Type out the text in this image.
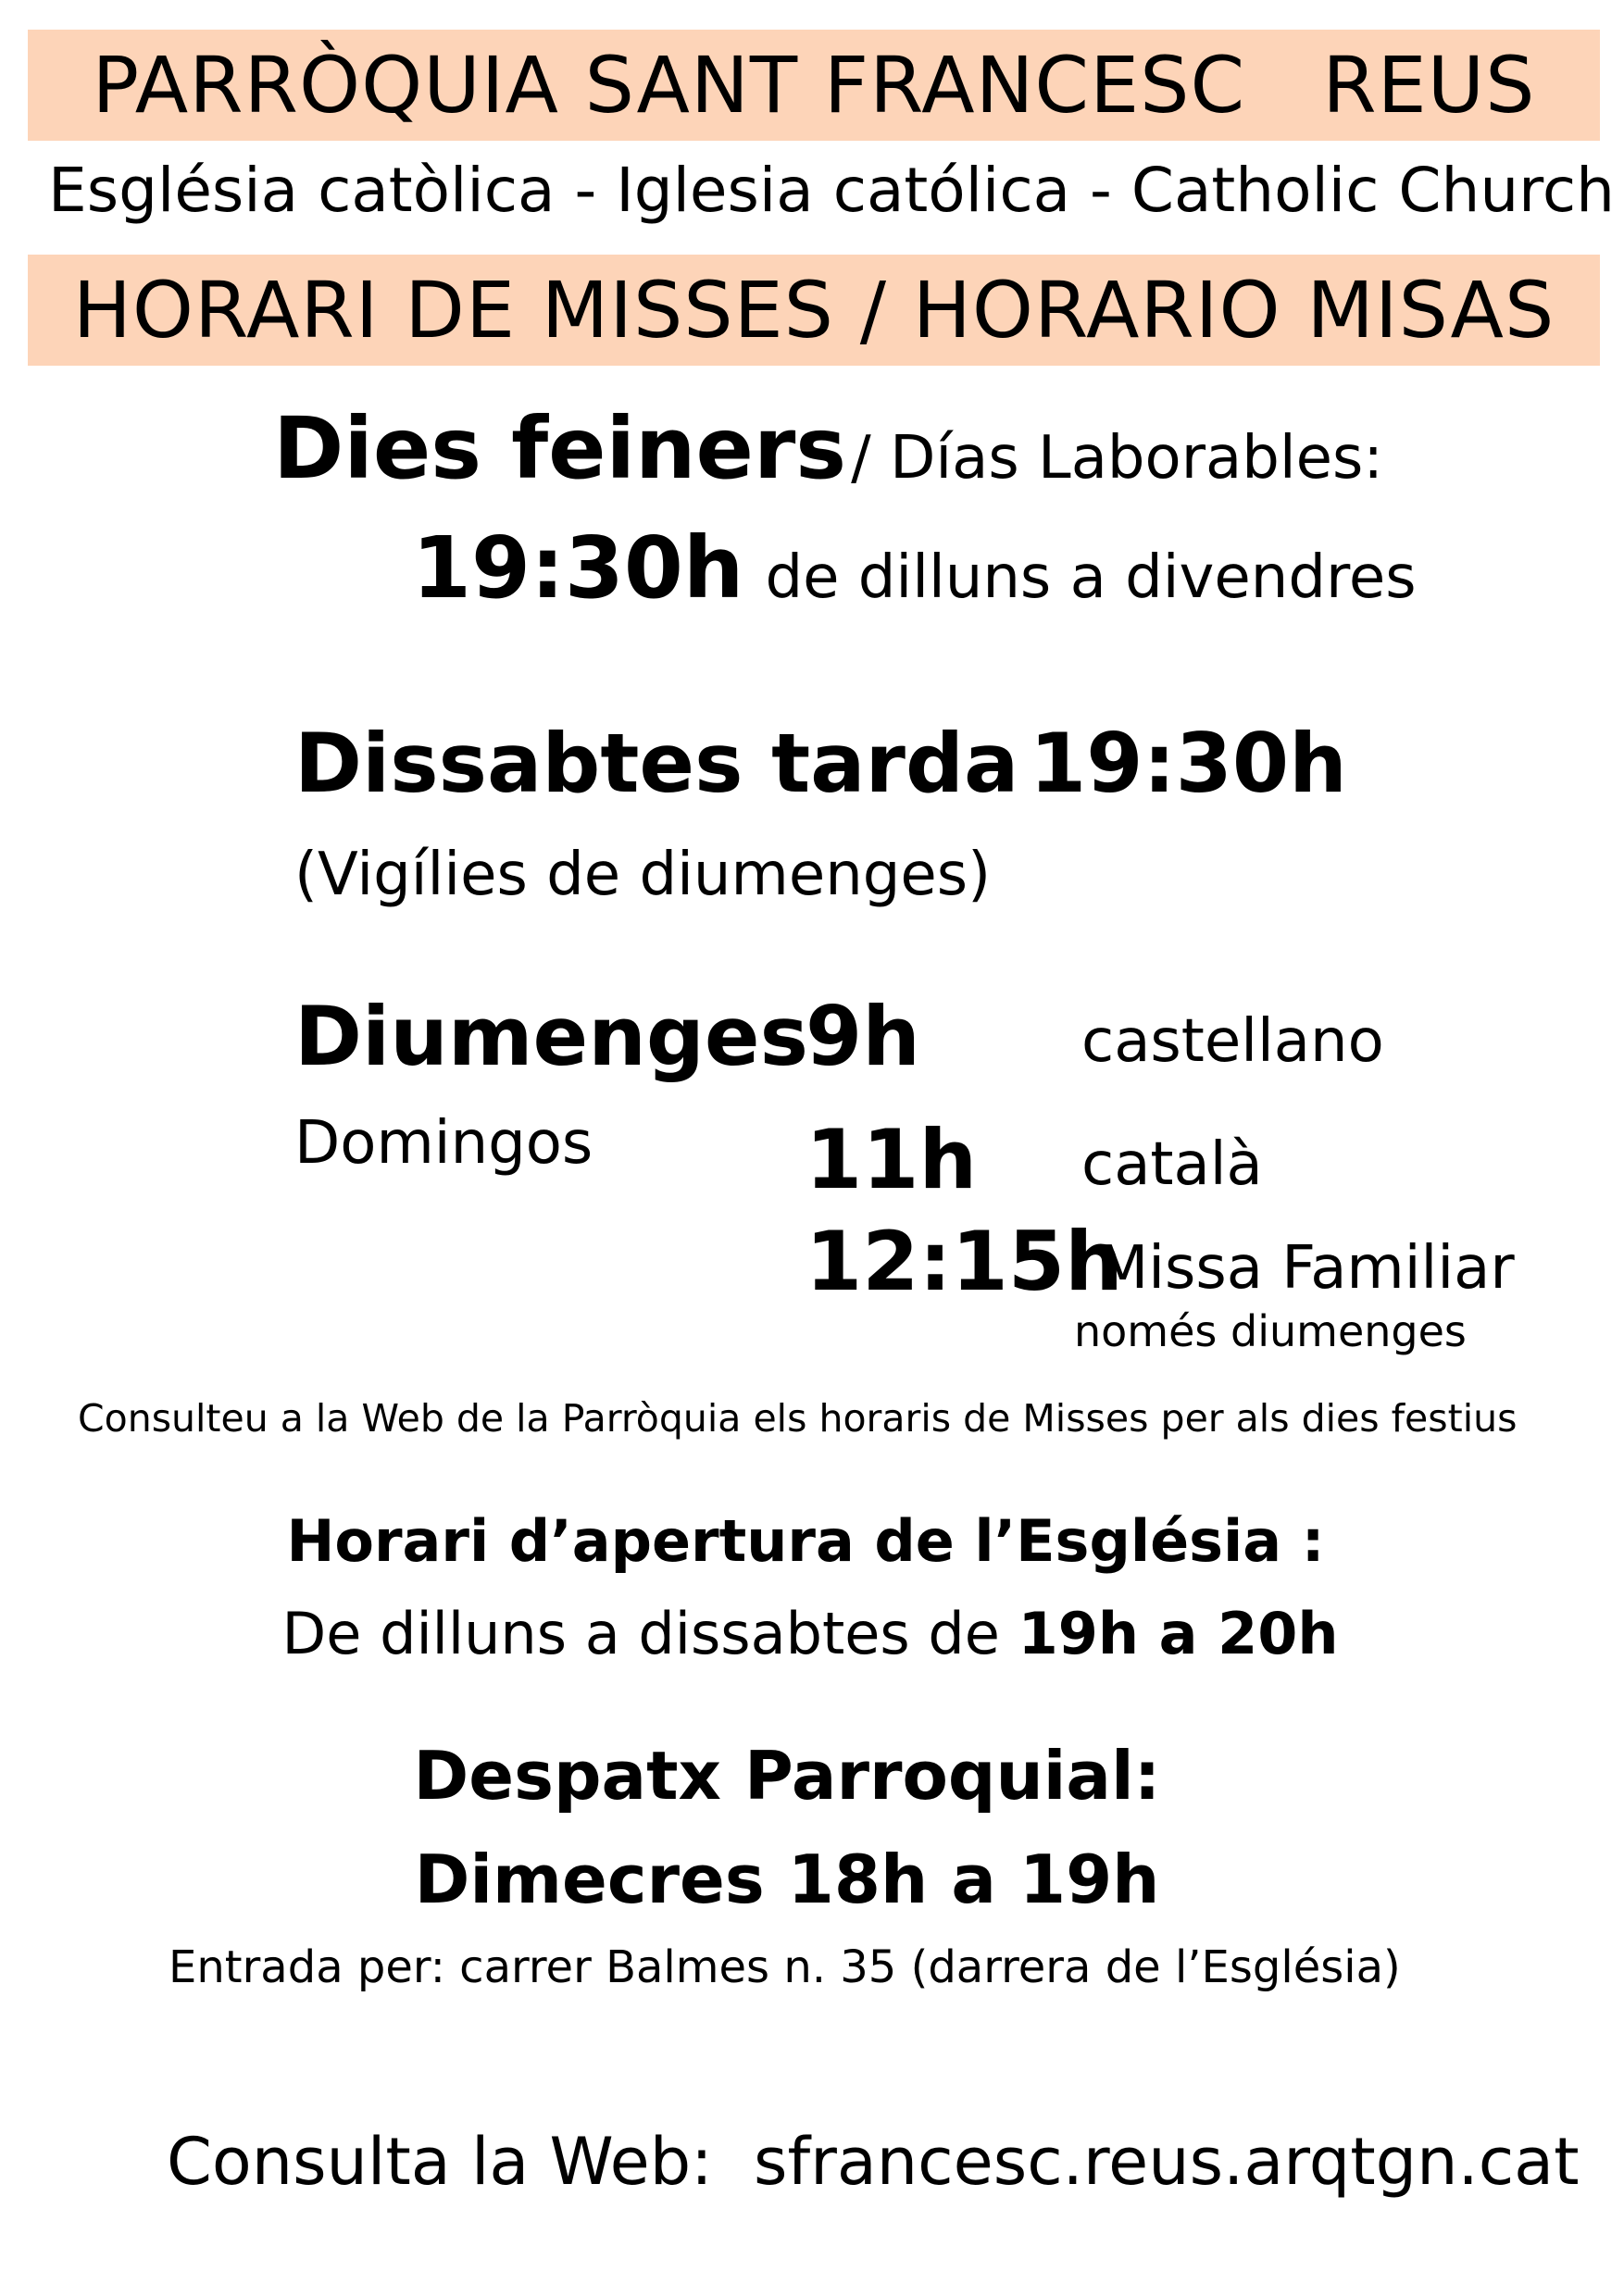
PARRÒQUIA SANT FRANCESC   REUS
Església catòlica - Iglesia católica - Catholic Church
HORARI DE MISSES / HORARIO MISAS
Dies feiners / Días Laborables:
19:30h de dilluns a divendres
Dissabtes tarda 19:30h
(Vigílies de diumenges)
Diumenges
Domingos
9h	castellano
11h català
12:15h
Missa Familiar
només diumenges
Consulteu a la Web de la Parròquia els horaris de Misses per als dies festius
Horari d’apertura de l’Església :
De dilluns a dissabtes de 19h a 20h
Despatx Parroquial:
Dimecres 18h a 19h
Entrada per: carrer Balmes n. 35 (darrera de l’Església)
Consulta la Web: sfrancesc.reus.arqtgn.cat
